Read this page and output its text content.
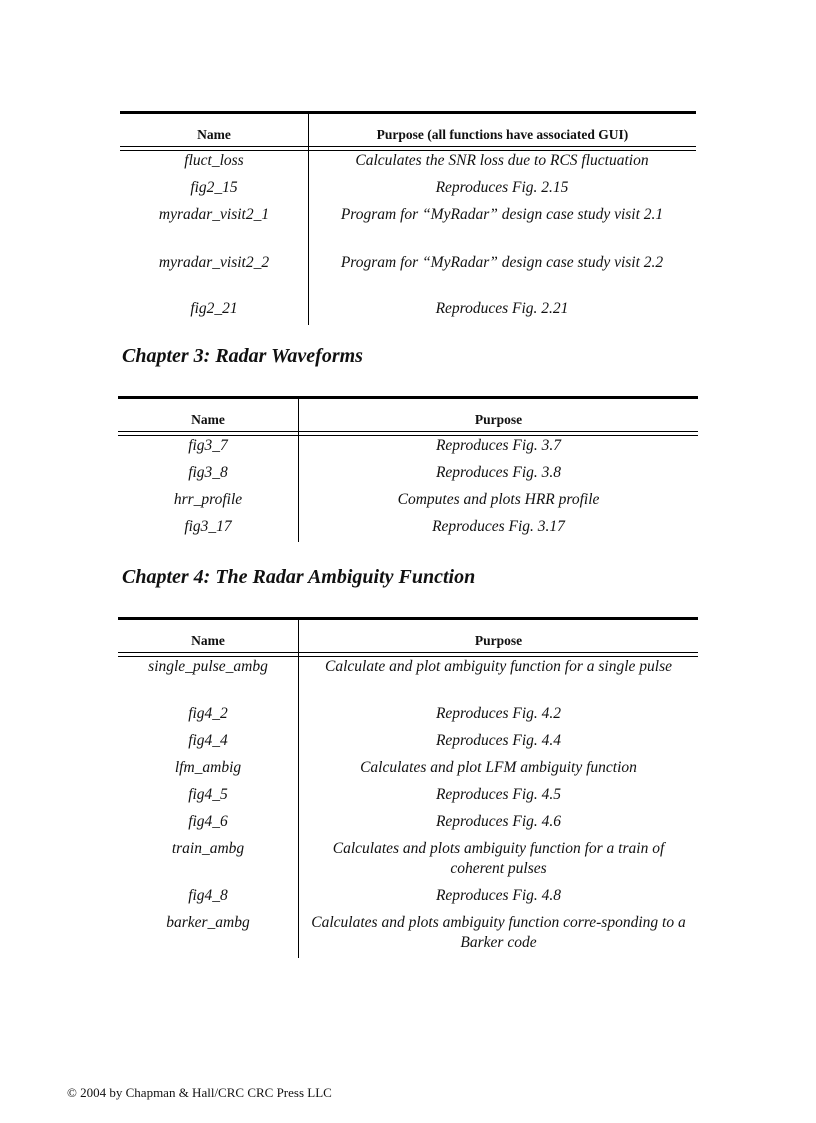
Name	Purpose (all functions have associated GUI)
fluct_loss	Calculates the SNR loss due to RCS fluctuation
fig2_15	Reproduces Fig. 2.15
myradar_visit2_1	Program for “MyRadar” design case study visit 2.1
myradar_visit2_2	Program for “MyRadar” design case study visit 2.2
fig2_21	Reproduces Fig. 2.21
Chapter 3: Radar Waveforms
Name	Purpose
fig3_7	Reproduces Fig. 3.7
fig3_8	Reproduces Fig. 3.8
hrr_profile	Computes and plots HRR profile
fig3_17	Reproduces Fig. 3.17
Chapter 4: The Radar Ambiguity Function
Name	Purpose
single_pulse_ambg	Calculate and plot ambiguity function for a single pulse
fig4_2	Reproduces Fig. 4.2
fig4_4	Reproduces Fig. 4.4
lfm_ambig	Calculates and plot LFM ambiguity function
fig4_5	Reproduces Fig. 4.5
fig4_6	Reproduces Fig. 4.6
train_ambg	Calculates and plots ambiguity function for a train of coherent pulses
fig4_8	Reproduces Fig. 4.8
barker_ambg	Calculates and plots ambiguity function corre-sponding to a Barker code
© 2004 by Chapman & Hall/CRC CRC Press LLC
